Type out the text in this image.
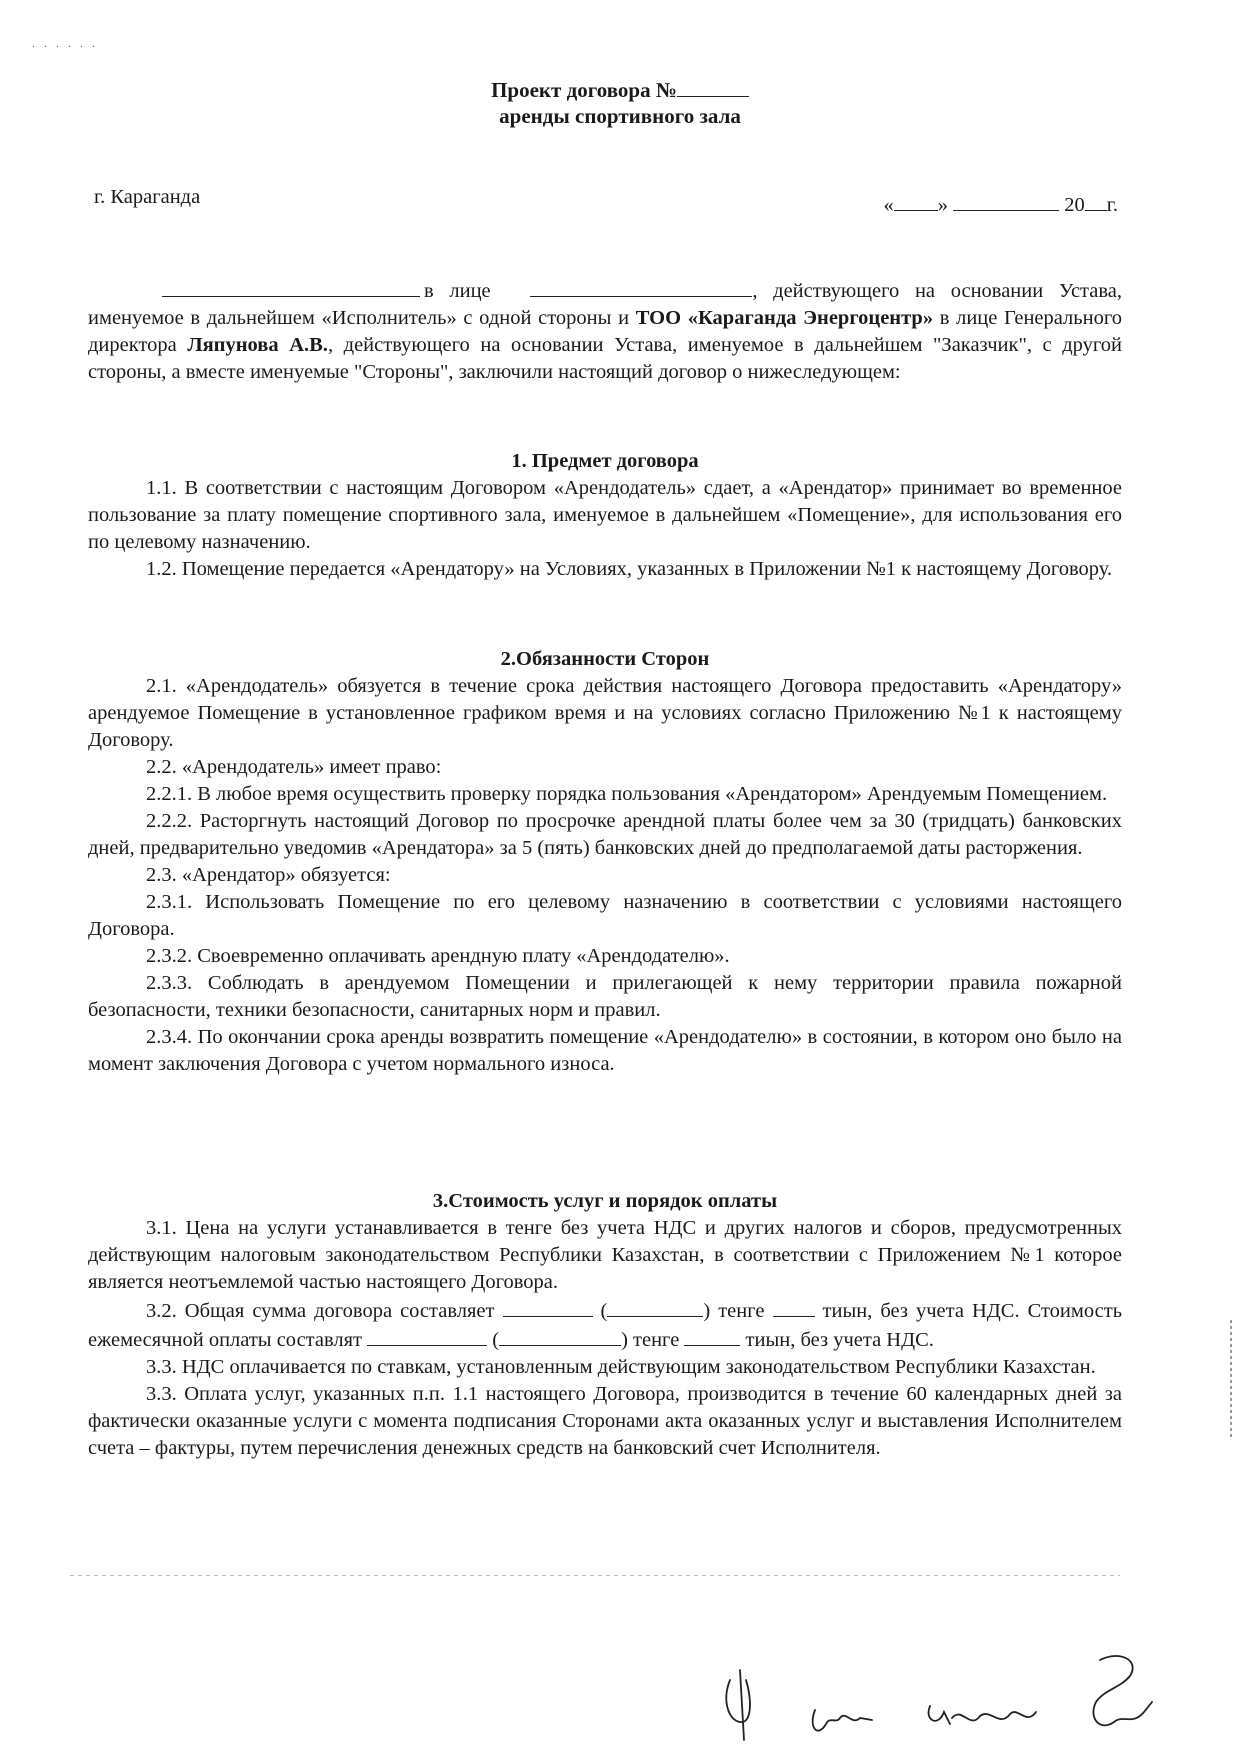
. . . . . .
Проект договора №
аренды спортивного зала
г. Караганда	« »	20 г.

в лице	, действующего на основании Устава, именуемое в дальнейшем «Исполнитель» с одной стороны и ТОО «Караганда Энергоцентр» в лице Генерального директора Ляпунова А.В., действующего на основании Устава, именуемое в дальнейшем "Заказчик", с другой стороны, а вместе именуемые "Стороны", заключили настоящий договор о нижеследующем:

1. Предмет договора

1.1. В соответствии с настоящим Договором «Арендодатель» сдает, а «Арендатор» принимает во временное пользование за плату помещение спортивного зала, именуемое в дальнейшем «Помещение», для использования его по целевому назначению.

1.2. Помещение передается «Арендатору» на Условиях, указанных в Приложении №1 к настоящему Договору.

2.Обязанности Сторон

2.1. «Арендодатель» обязуется в течение срока действия настоящего Договора предоставить «Арендатору» арендуемое Помещение в установленное графиком время и на условиях согласно Приложению №1 к настоящему Договору.

2.2. «Арендодатель» имеет право:

2.2.1. В любое время осуществить проверку порядка пользования «Арендатором» Арендуемым Помещением.

2.2.2. Расторгнуть настоящий Договор по просрочке арендной платы более чем за 30 (тридцать) банковских дней, предварительно уведомив «Арендатора» за 5 (пять) банковских дней до предполагаемой даты расторжения.

2.3. «Арендатор» обязуется:

2.3.1. Использовать Помещение по его целевому назначению в соответствии с условиями настоящего Договора.

2.3.2. Своевременно оплачивать арендную плату «Арендодателю».

2.3.3. Соблюдать в арендуемом Помещении и прилегающей к нему территории правила пожарной безопасности, техники безопасности, санитарных норм и правил.

2.3.4. По окончании срока аренды возвратить помещение «Арендодателю» в состоянии, в котором оно было на момент заключения Договора с учетом нормального износа.

3.Стоимость услуг и порядок оплаты

3.1. Цена на услуги устанавливается в тенге без учета НДС и других налогов и сборов, предусмотренных действующим налоговым законодательством Республики Казахстан, в соответствии с Приложением №1 которое является неотъемлемой частью настоящего Договора.

3.2. Общая сумма договора составляет	(	) тенге	тиын, без учета НДС. Стоимость ежемесячной оплаты составлят	(	) тенге	тиын, без учета НДС.

3.3. НДС оплачивается по ставкам, установленным действующим законодательством Республики Казахстан.

3.3. Оплата услуг, указанных п.п. 1.1 настоящего Договора, производится в течение 60 календарных дней за фактически оказанные услуги с момента подписания Сторонами акта оказанных услуг и выставления Исполнителем счета – фактуры, путем перечисления денежных средств на банковский счет Исполнителя.
